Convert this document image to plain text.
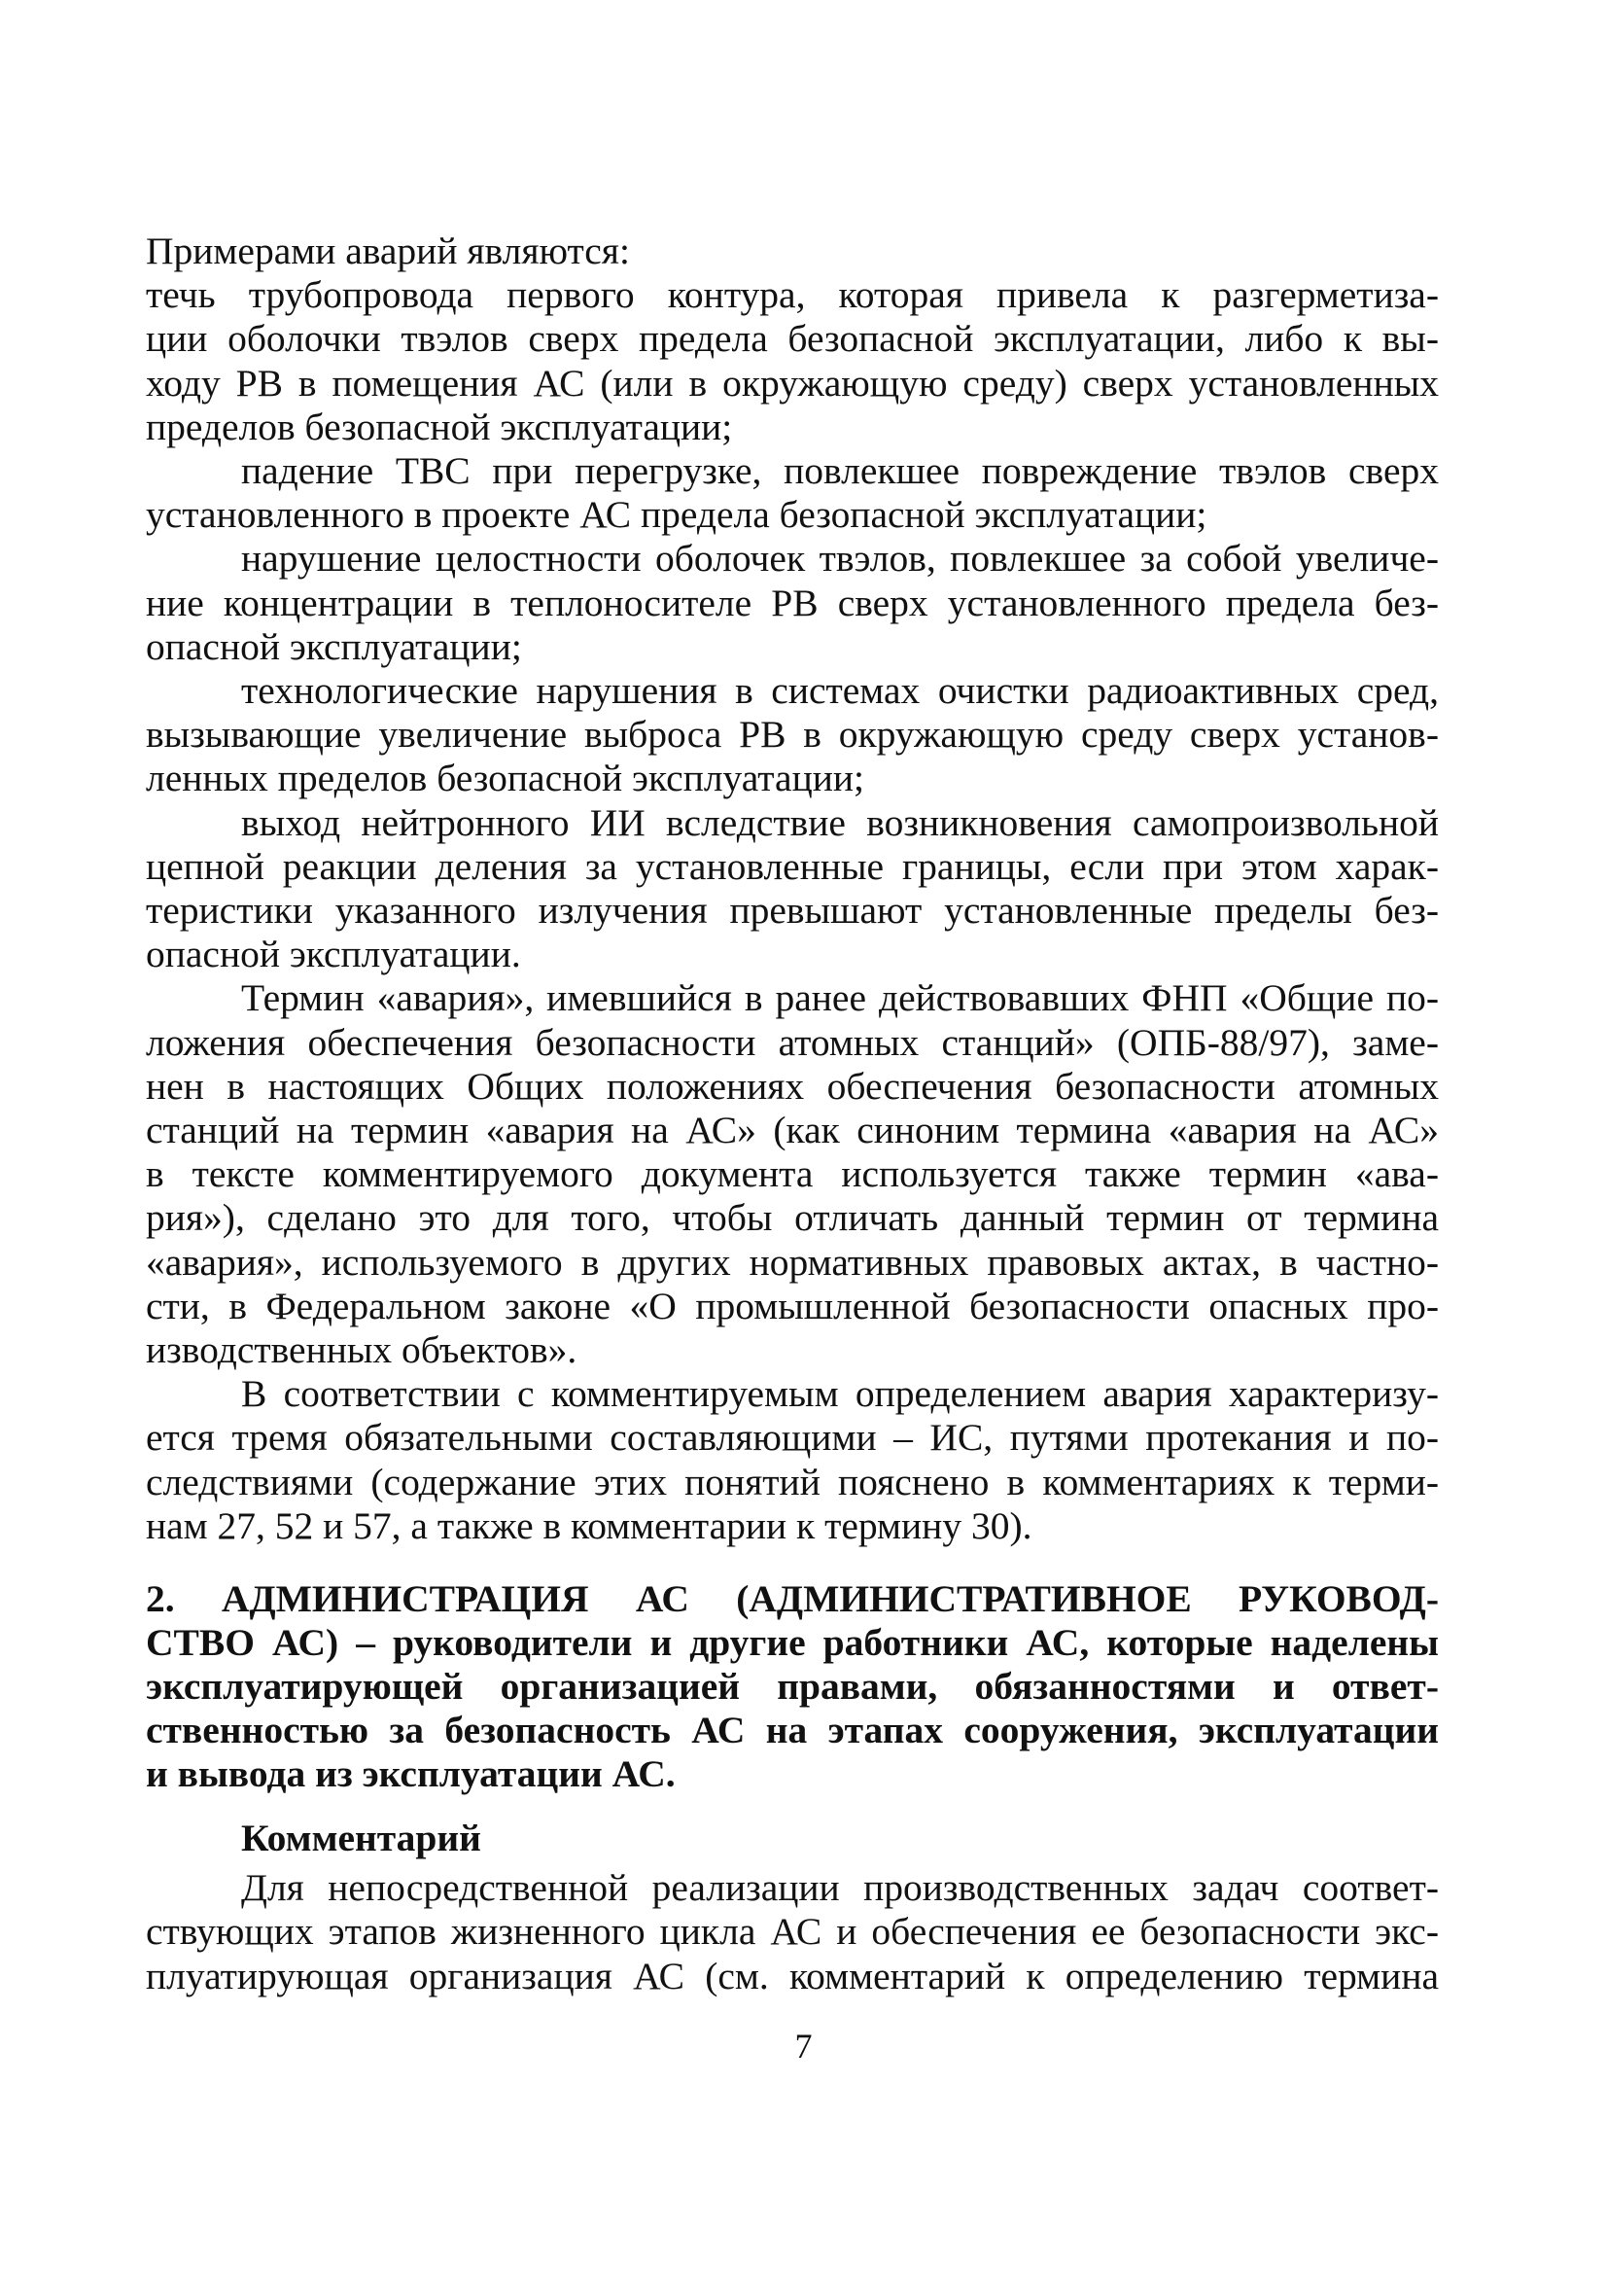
Примерами аварий являются:

течь трубопровода первого контура, которая привела к разгерметиза-
ции оболочки твэлов сверх предела безопасной эксплуатации, либо к вы-
ходу РВ в помещения АС (или в окружающую среду) сверх установленных
пределов безопасной эксплуатации;

падение ТВС при перегрузке, повлекшее повреждение твэлов сверх
установленного в проекте АС предела безопасной эксплуатации;

нарушение целостности оболочек твэлов, повлекшее за собой увеличе-
ние концентрации в теплоносителе РВ сверх установленного предела без-
опасной эксплуатации;

технологические нарушения в системах очистки радиоактивных сред,
вызывающие увеличение выброса РВ в окружающую среду сверх установ-
ленных пределов безопасной эксплуатации;

выход нейтронного ИИ вследствие возникновения самопроизвольной
цепной реакции деления за установленные границы, если при этом харак-
теристики указанного излучения превышают установленные пределы без-
опасной эксплуатации.

Термин «авария», имевшийся в ранее действовавших ФНП «Общие по-
ложения обеспечения безопасности атомных станций» (ОПБ-88/97), заме-
нен в настоящих Общих положениях обеспечения безопасности атомных
станций на термин «авария на АС» (как синоним термина «авария на АС»
в тексте комментируемого документа используется также термин «ава-
рия»), сделано это для того, чтобы отличать данный термин от термина
«авария», используемого в других нормативных правовых актах, в частно-
сти, в Федеральном законе «О промышленной безопасности опасных про-
изводственных объектов».

В соответствии с комментируемым определением авария характеризу-
ется тремя обязательными составляющими – ИС, путями протекания и по-
следствиями (содержание этих понятий пояснено в комментариях к терми-
нам 27, 52 и 57, а также в комментарии к термину 30).

2. АДМИНИСТРАЦИЯ АС (АДМИНИСТРАТИВНОЕ РУКОВОД-
СТВО АС) – руководители и другие работники АС, которые наделены
эксплуатирующей организацией правами, обязанностями и ответ-
ственностью за безопасность АС на этапах сооружения, эксплуатации
и вывода из эксплуатации АС.

Комментарий

Для непосредственной реализации производственных задач соответ-
ствующих этапов жизненного цикла АС и обеспечения ее безопасности экс-
плуатирующая организация АС (см. комментарий к определению термина

7
